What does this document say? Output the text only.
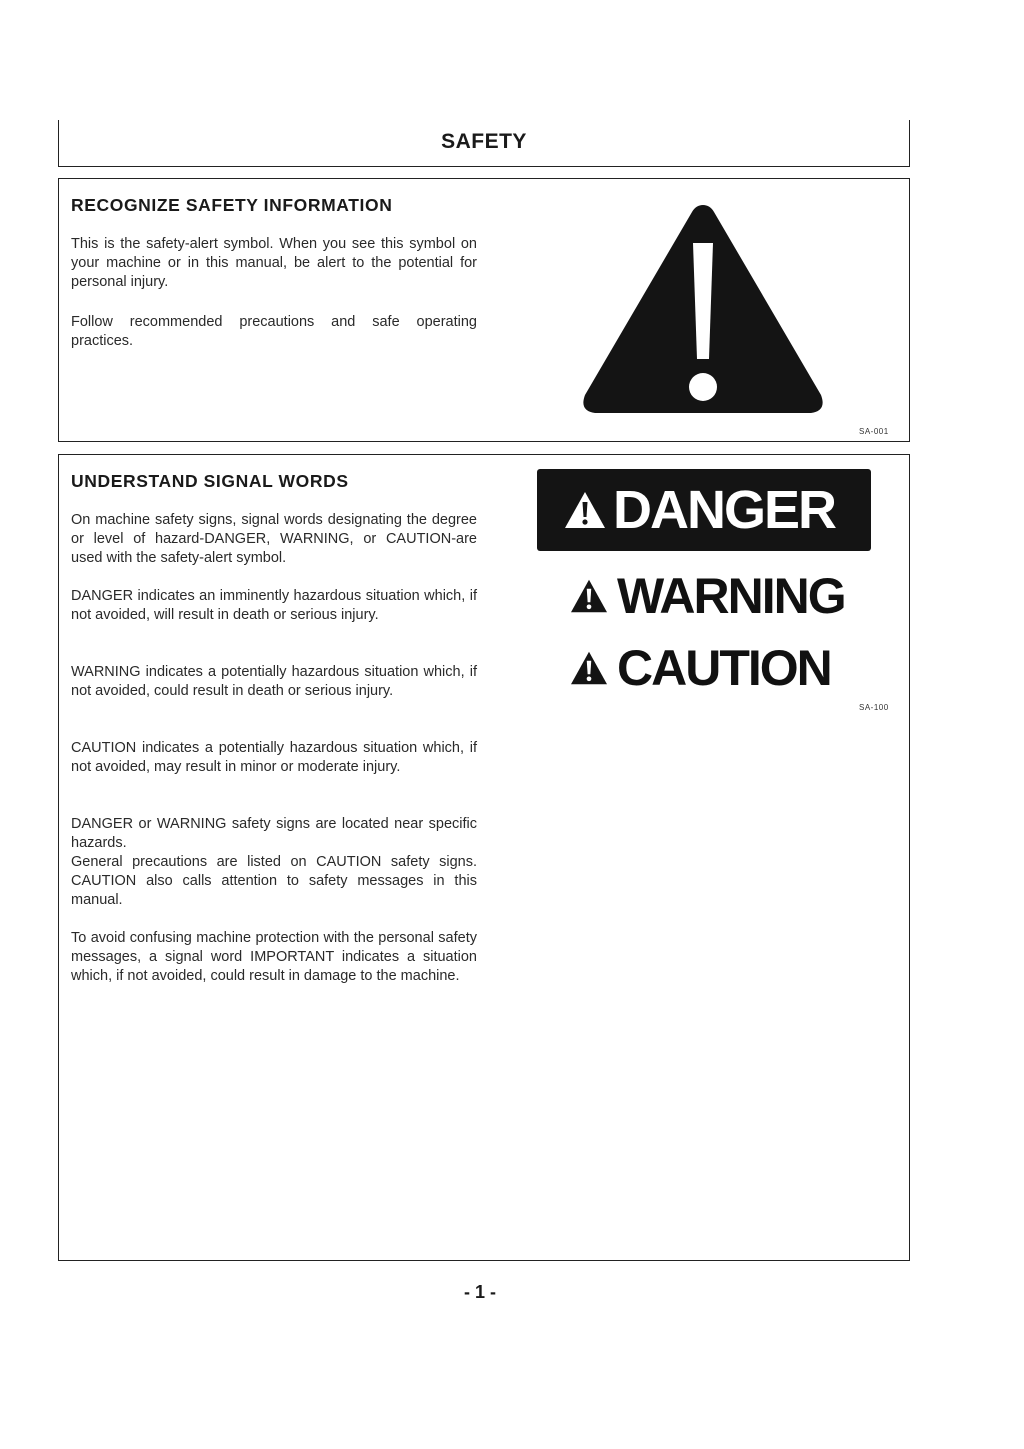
SAFETY
RECOGNIZE SAFETY INFORMATION

This is the safety-alert symbol. When you see this symbol on your machine or in this manual, be alert to the potential for personal injury.

Follow recommended precautions and safe operating practices.

SA-001
UNDERSTAND SIGNAL WORDS

On machine safety signs, signal words designating the degree or level of hazard-DANGER, WARNING, or CAUTION-are used with the safety-alert symbol.

DANGER indicates an imminently hazardous situation which, if not avoided, will result in death or serious injury.

WARNING indicates a potentially hazardous situation which, if not avoided, could result in death or serious injury.

CAUTION indicates a potentially hazardous situation which, if not avoided, may result in minor or moderate injury.

DANGER or WARNING safety signs are located near specific hazards.

General precautions are listed on CAUTION safety signs. CAUTION also calls attention to safety messages in this manual.

To avoid confusing machine protection with the personal safety messages, a signal word IMPORTANT indicates a situation which, if not avoided, could result in damage to the machine.

DANGER
WARNING
CAUTION
SA-100
- 1 -
